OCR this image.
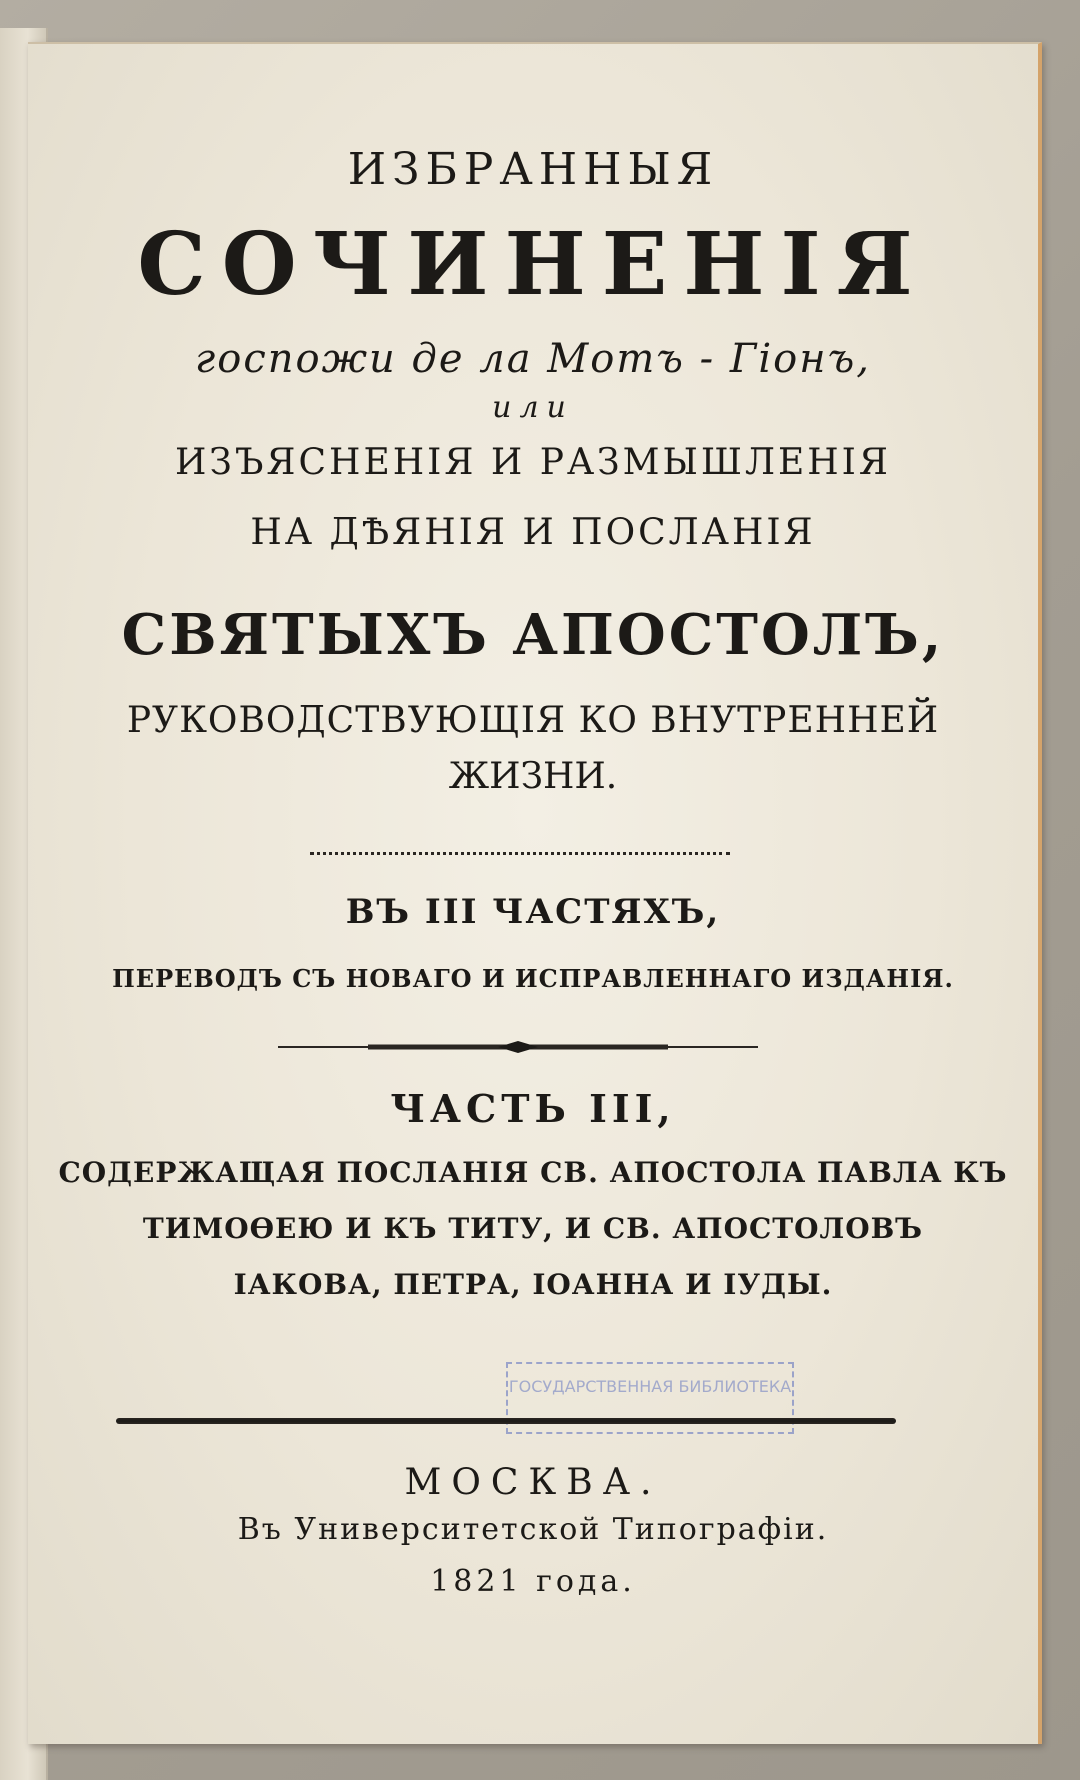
ИЗБРАННЫЯ
СОЧИНЕНІЯ
госпожи де ла Мотъ - Гіонъ,
или
ИЗЪЯСНЕНІЯ И РАЗМЫШЛЕНІЯ
НА ДѢЯНІЯ И ПОСЛАНІЯ
СВЯТЫХЪ АПОСТОЛЪ,
РУКОВОДСТВУЮЩІЯ КО ВНУТРЕННЕЙ
ЖИЗНИ.
ВЪ III ЧАСТЯХЪ,
ПЕРЕВОДЪ СЪ НОВАГО И ИСПРАВЛЕННАГО ИЗДАНІЯ.
ЧАСТЬ III,
СОДЕРЖАЩАЯ ПОСЛАНІЯ СВ. АПОСТОЛА ПАВЛА КЪ
ТИМОѲЕЮ И КЪ ТИТУ, И СВ. АПОСТОЛОВЪ
ІАКОВА, ПЕТРА, ІОАННА И ІУДЫ.
ГОСУДАРСТВЕННАЯ БИБЛИОТЕКА
МОСКВА.
Въ Университетской Типографіи.
1821 года.
